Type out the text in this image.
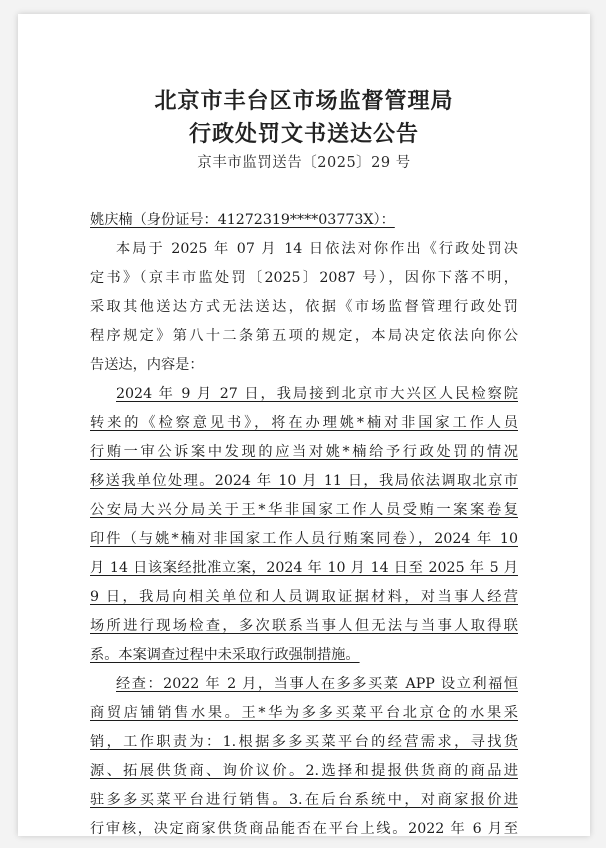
北京市丰台区市场监督管理局
行政处罚文书送达公告
京丰市监罚送告〔2025〕29 号
姚庆楠（身份证号：41272319****03773X）：
本局于 2025 年 07 月 14 日依法对你作出《行政处罚决
定书》（京丰市监处罚〔2025〕2087 号），因你下落不明，
采取其他送达方式无法送达，依据《市场监督管理行政处罚
程序规定》第八十二条第五项的规定，本局决定依法向你公
告送达，内容是：
2024 年 9 月 27 日，我局接到北京市大兴区人民检察院
转来的《检察意见书》，将在办理姚*楠对非国家工作人员
行贿一审公诉案中发现的应当对姚*楠给予行政处罚的情况
移送我单位处理。2024 年 10 月 11 日，我局依法调取北京市
公安局大兴分局关于王*华非国家工作人员受贿一案案卷复
印件（与姚*楠对非国家工作人员行贿案同卷），2024 年 10
月 14 日该案经批准立案，2024 年 10 月 14 日至 2025 年 5 月
9 日，我局向相关单位和人员调取证据材料，对当事人经营
场所进行现场检查，多次联系当事人但无法与当事人取得联
系。本案调查过程中未采取行政强制措施。
经查：2022 年 2 月，当事人在多多买菜 APP 设立利福恒
商贸店铺销售水果。王*华为多多买菜平台北京仓的水果采
销，工作职责为：1.根据多多买菜平台的经营需求，寻找货
源、拓展供货商、询价议价。2.选择和提报供货商的商品进
驻多多买菜平台进行销售。3.在后台系统中，对商家报价进
行审核，决定商家供货商品能否在平台上线。2022 年 6 月至
